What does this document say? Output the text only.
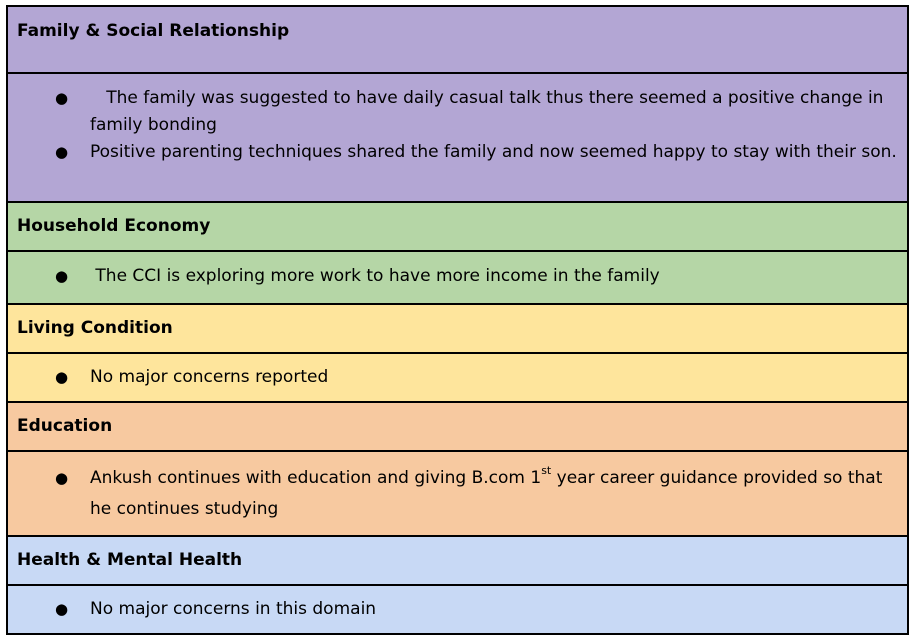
Family & Social Relationship
● The family was suggested to have daily casual talk thus there seemed a positive change in family bonding
● Positive parenting techniques shared the family and now seemed happy to stay with their son.
Household Economy
● The CCI is exploring more work to have more income in the family
Living Condition
● No major concerns reported
Education
● Ankush continues with education and giving B.com 1st year career guidance provided so that he continues studying
Health & Mental Health
● No major concerns in this domain
